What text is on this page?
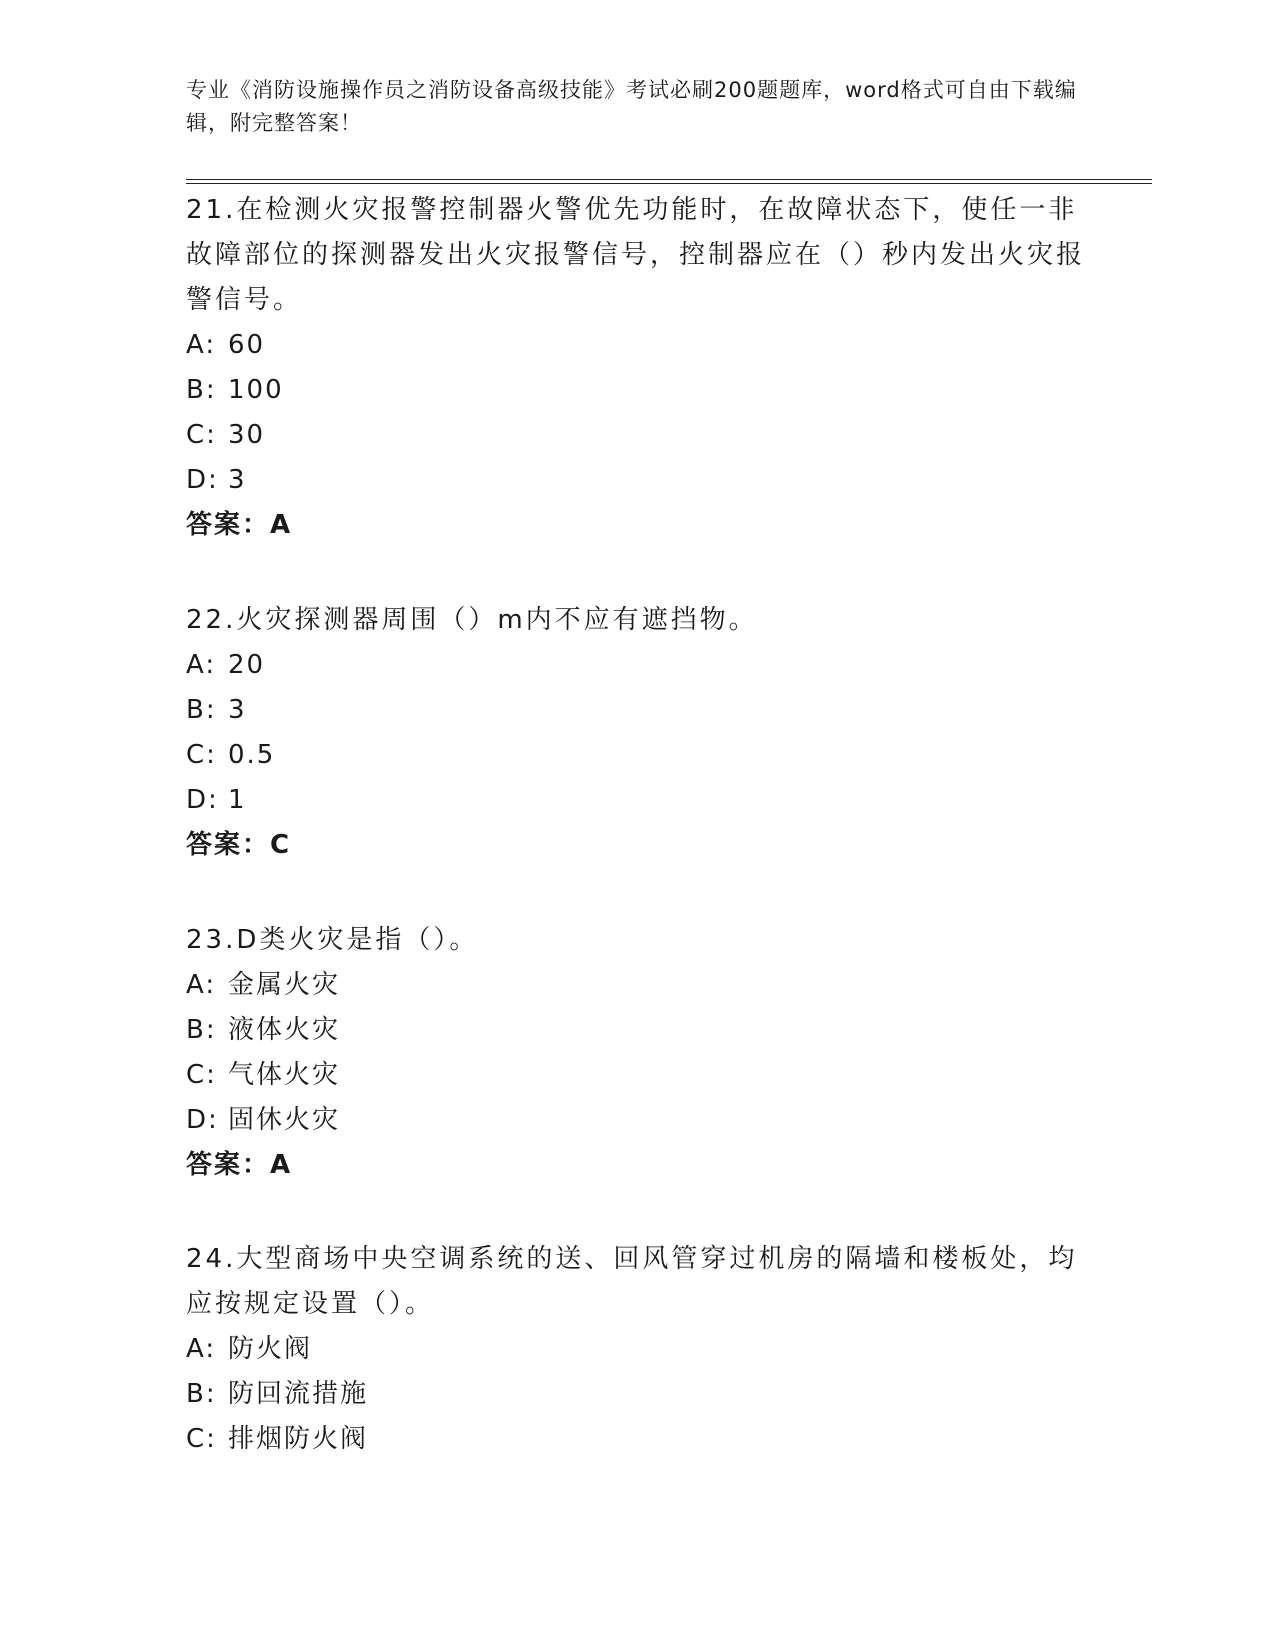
专业《消防设施操作员之消防设备高级技能》考试必刷200题题库，word格式可自由下载编辑，附完整答案！

21.在检测火灾报警控制器火警优先功能时，在故障状态下，使任一非故障部位的探测器发出火灾报警信号，控制器应在（）秒内发出火灾报警信号。

A: 60

B: 100

C: 30

D: 3

答案：A

22.火灾探测器周围（）m内不应有遮挡物。

A: 20

B: 3

C: 0.5

D: 1

答案：C

23.D类火灾是指（）。

A: 金属火灾

B: 液体火灾

C: 气体火灾

D: 固休火灾

答案：A

24.大型商场中央空调系统的送、回风管穿过机房的隔墙和楼板处，均应按规定设置（）。

A: 防火阀

B: 防回流措施

C: 排烟防火阀
